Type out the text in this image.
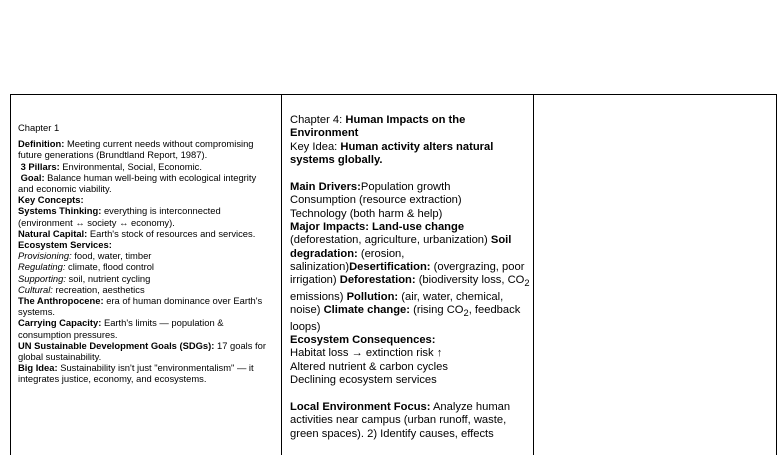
Chapter 1

Definition: Meeting current needs without compromising future generations (Brundtland Report, 1987).

3 Pillars: Environmental, Social, Economic.

Goal: Balance human well-being with ecological integrity and economic viability.

Key Concepts:

Systems Thinking: everything is interconnected (environment ↔ society ↔ economy).

Natural Capital: Earth's stock of resources and services.

Ecosystem Services:

Provisioning: food, water, timber

Regulating: climate, flood control

Supporting: soil, nutrient cycling

Cultural: recreation, aesthetics

The Anthropocene: era of human dominance over Earth's systems.

Carrying Capacity: Earth's limits — population & consumption pressures.

UN Sustainable Development Goals (SDGs): 17 goals for global sustainability.

Big Idea: Sustainability isn't just "environmentalism" — it integrates justice, economy, and ecosystems.

Chapter 4: Human Impacts on the Environment

Key Idea: Human activity alters natural systems globally.

Main Drivers:Population growth

Consumption (resource extraction)

Technology (both harm & help)

Major Impacts: Land-use change (deforestation, agriculture, urbanization) Soil degradation: (erosion, salinization)Desertification: (overgrazing, poor irrigation) Deforestation: (biodiversity loss, $CO_2$ emissions) Pollution: (air, water, chemical, noise) Climate change: (rising $CO_2$, feedback loops)

Ecosystem Consequences:

Habitat loss → extinction risk ↑

Altered nutrient & carbon cycles

Declining ecosystem services

Local Environment Focus: Analyze human activities near campus (urban runoff, waste, green spaces). 2) Identify causes, effects
